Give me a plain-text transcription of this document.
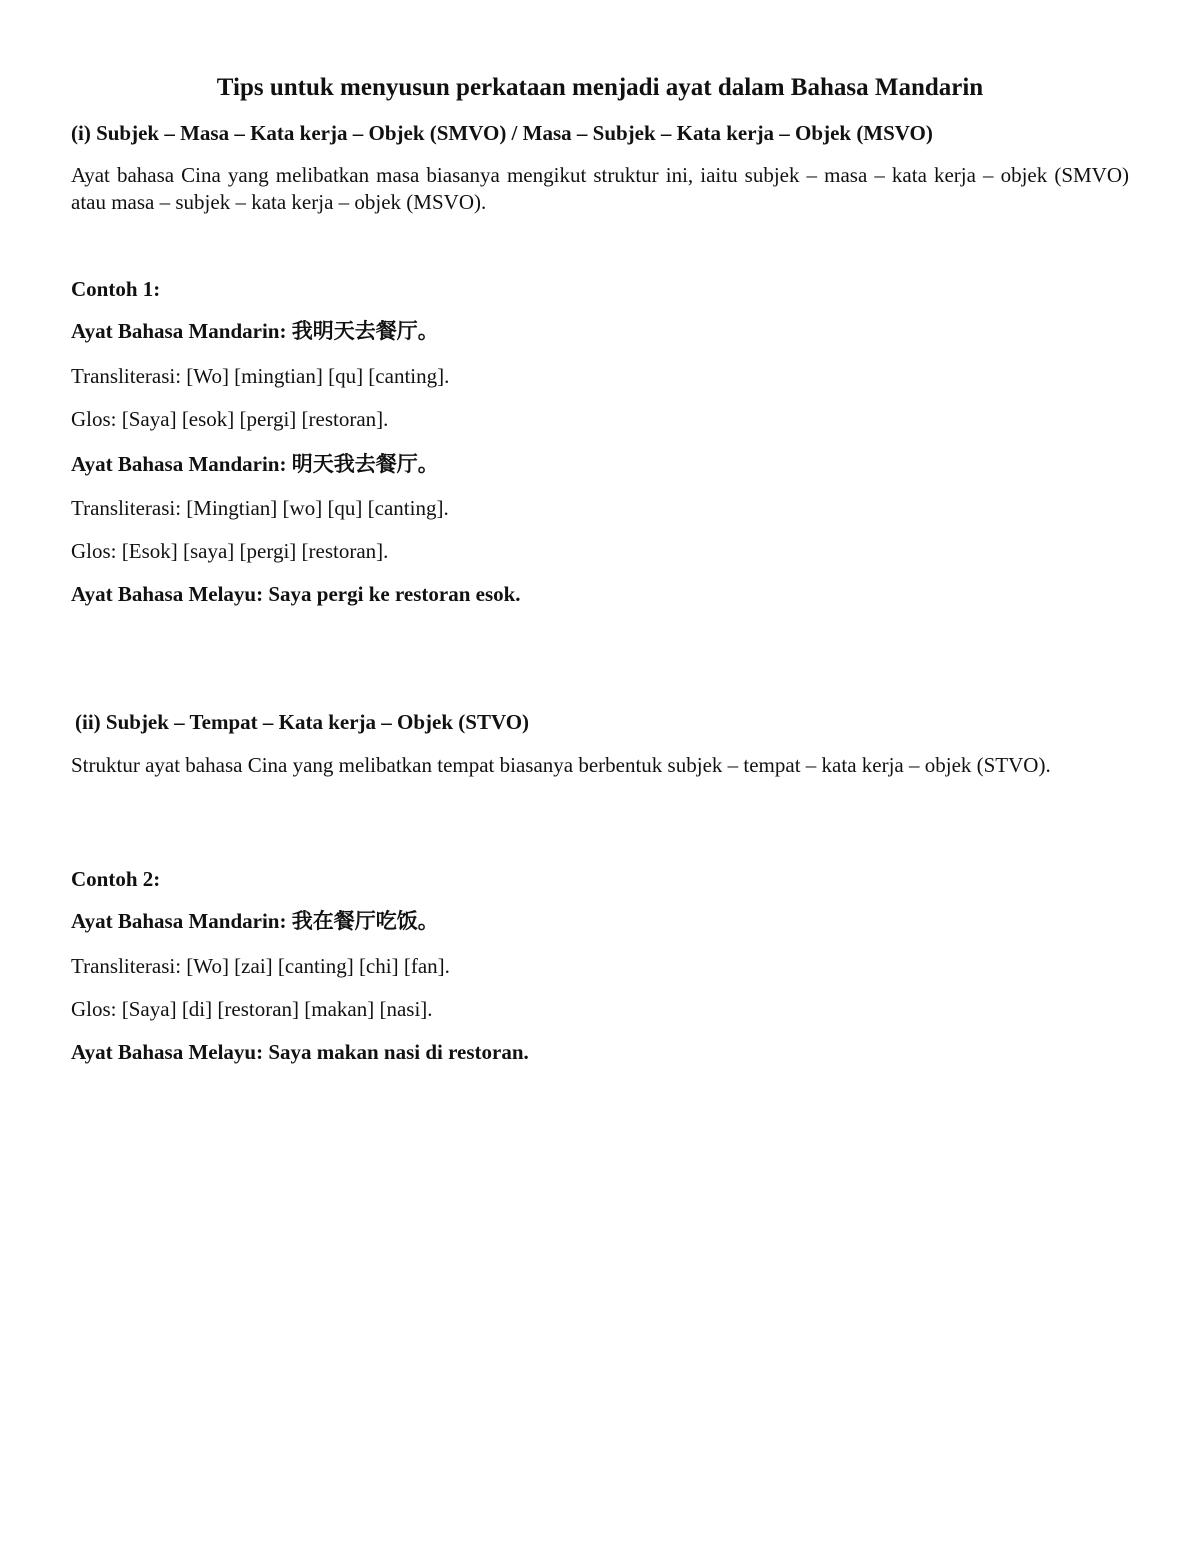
Tips untuk menyusun perkataan menjadi ayat dalam Bahasa Mandarin

(i) Subjek – Masa – Kata kerja – Objek (SMVO) / Masa – Subjek – Kata kerja – Objek (MSVO)

Ayat bahasa Cina yang melibatkan masa biasanya mengikut struktur ini, iaitu subjek – masa – kata kerja – objek (SMVO) atau masa – subjek – kata kerja – objek (MSVO).

Contoh 1:

Ayat Bahasa Mandarin: 我明天去餐厅。

Transliterasi: [Wo] [mingtian] [qu] [canting].

Glos: [Saya] [esok] [pergi] [restoran].

Ayat Bahasa Mandarin: 明天我去餐厅。

Transliterasi: [Mingtian] [wo] [qu] [canting].

Glos: [Esok] [saya] [pergi] [restoran].

Ayat Bahasa Melayu: Saya pergi ke restoran esok.

(ii) Subjek – Tempat – Kata kerja – Objek (STVO)

Struktur ayat bahasa Cina yang melibatkan tempat biasanya berbentuk subjek – tempat – kata kerja – objek (STVO).

Contoh 2:

Ayat Bahasa Mandarin: 我在餐厅吃饭。

Transliterasi: [Wo] [zai] [canting] [chi] [fan].

Glos: [Saya] [di] [restoran] [makan] [nasi].

Ayat Bahasa Melayu: Saya makan nasi di restoran.
